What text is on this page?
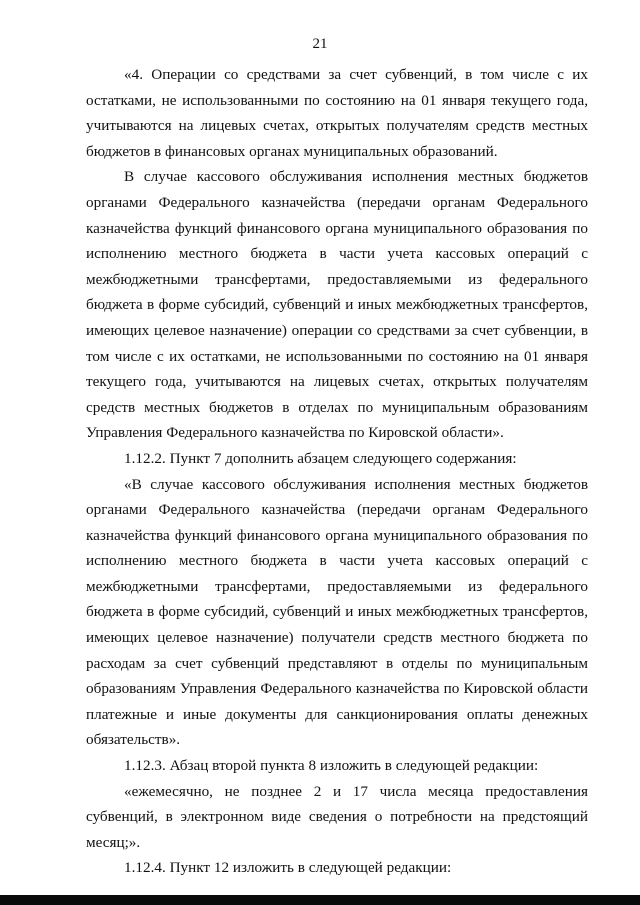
21

«4. Операции со средствами за счет субвенций, в том числе с их остатками, не использованными по состоянию на 01 января текущего года, учитываются на лицевых счетах, открытых получателям средств местных бюджетов в финансовых органах муниципальных образований.

В случае кассового обслуживания исполнения местных бюджетов органами Федерального казначейства (передачи органам Федерального казначейства функций финансового органа муниципального образования по исполнению местного бюджета в части учета кассовых операций с межбюджетными трансфертами, предоставляемыми из федерального бюджета в форме субсидий, субвенций и иных межбюджетных трансфертов, имеющих целевое назначение) операции со средствами за счет субвенции, в том числе с их остатками, не использованными по состоянию на 01 января текущего года, учитываются на лицевых счетах, открытых получателям средств местных бюджетов в отделах по муниципальным образованиям Управления Федерального казначейства по Кировской области».

1.12.2. Пункт 7 дополнить абзацем следующего содержания:

«В случае кассового обслуживания исполнения местных бюджетов органами Федерального казначейства (передачи органам Федерального казначейства функций финансового органа муниципального образования по исполнению местного бюджета в части учета кассовых операций с межбюджетными трансфертами, предоставляемыми из федерального бюджета в форме субсидий, субвенций и иных межбюджетных трансфертов, имеющих целевое назначение) получатели средств местного бюджета по расходам за счет субвенций представляют в отделы по муниципальным образованиям Управления Федерального казначейства по Кировской области платежные и иные документы для санкционирования оплаты денежных обязательств».

1.12.3. Абзац второй пункта 8 изложить в следующей редакции:

«ежемесячно, не позднее 2 и 17 числа месяца предоставления субвенций, в электронном виде сведения о потребности на предстоящий месяц;».

1.12.4. Пункт 12 изложить в следующей редакции:
